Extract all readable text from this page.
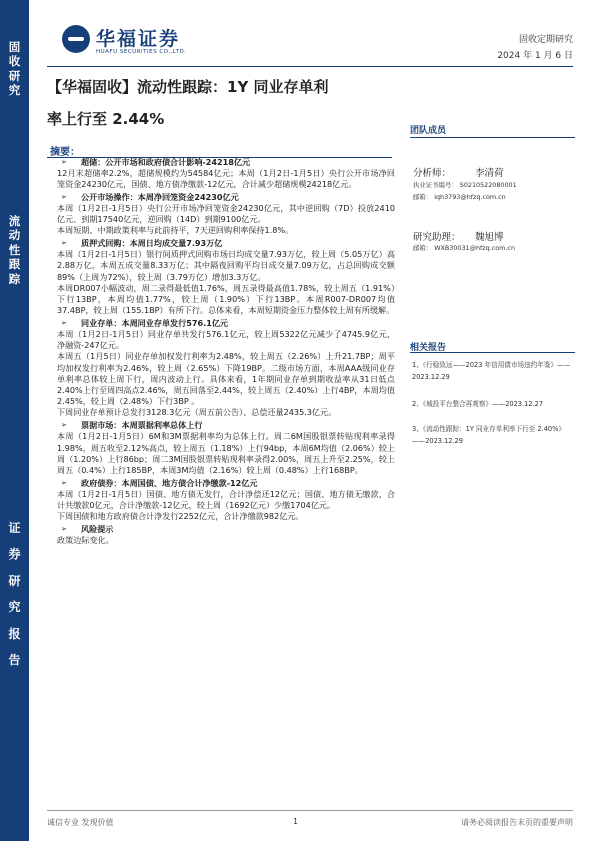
固
收
研
究
流
动
性
跟
踪
证
券
研
究
报
告
华福证券
HUAFU SECURITIES CO.,LTD.
固收定期研究
2024 年 1 月 6 日
【华福固收】流动性跟踪：1Y 同业存单利
率上行至 2.44%
摘要：
➢ 超储：公开市场和政府债合计影响-24218亿元
12月末超储率2.2%，超储规模约为54584亿元；本周（1月2日-1月5日）央行公开市场净回笼资金24230亿元，国债、地方债净缴款-12亿元，合计减少超储规模24218亿元。
➢ 公开市场操作：本周净回笼资金24230亿元
本周（1月2日-1月5日）央行公开市场净回笼资金24230亿元，其中逆回购（7D）投放2410亿元、到期17540亿元，逆回购（14D）到期9100亿元。
本周短期、中期政策利率与此前持平，7天逆回购利率保持1.8%。
➢ 质押式回购：本周日均成交量7.93万亿
本周（1月2日-1月5日）银行间质押式回购市场日均成交量7.93万亿，较上周（5.05万亿）高2.88万亿，本周五成交量8.33万亿；其中隔夜回购平均日成交量7.09万亿，占总回购成交额89%（上周为72%），较上周（3.79万亿）增加3.3万亿。
本周DR007小幅波动，周二录得最低值1.76%，周五录得最高值1.78%，较上周五（1.91%）下行13BP，本周均值1.77%，较上周（1.90%）下行13BP。本周R007-DR007均值37.4BP，较上周（155.1BP）有所下行。总体来看，本周短期资金压力整体较上周有所缓解。
➢ 同业存单：本周同业存单发行576.1亿元
本周（1月2日-1月5日）同业存单共发行576.1亿元，较上周5322亿元减少了4745.9亿元，净融资-247亿元。
本周五（1月5日）同业存单加权发行利率为2.48%，较上周五（2.26%）上升21.7BP；周平均加权发行利率为2.46%，较上周（2.65%）下降19BP。二级市场方面，本周AAA级同业存单利率总体较上周下行，周内波动上行。具体来看，1年期同业存单到期收益率从31日低点2.40%上行至周四高点2.46%，周五回落至2.44%，较上周五（2.40%）上行4BP，本周均值2.45%，较上周（2.48%）下行3BP 。
下周同业存单预计总发行3128.3亿元（周五前公告）、总偿还量2435.3亿元。
➢ 票据市场：本周票据利率总体上行
本周（1月2日-1月5日）6M和3M票据利率均为总体上行。周二6M国股银票转贴现利率录得1.98%，周五收至2.12%高点，较上周五（1.18%）上行94bp，本周6M均值（2.06%）较上周（1.20%）上行86bp；周二3M国股银票转贴现利率录得2.00%，周五上升至2.25%，较上周五（0.4%）上行185BP，本周3M均值（2.16%）较上周（0.48%）上行168BP。
➢ 政府债券：本周国债、地方债合计净缴款-12亿元
本周（1月2日-1月5日）国债、地方债无发行，合计净偿还12亿元；国债、地方债无缴款，合计共缴款0亿元，合计净缴款-12亿元，较上周（1692亿元）少缴1704亿元。
下周国债和地方政府债合计净发行2252亿元，合计净缴款982亿元。
➢ 风险提示
政策边际变化。
团队成员
分析师：	李清荷
执业证书编号： S0210522080001
邮箱： lqh3793@hfzq.com.cn
研究助理： 魏旭博
邮箱： WXB30031@hfzq.com.cn
相关报告
1、《行稳致远——2023 年信用债市场违约年鉴》——2023.12.29
2、《城投平台整合再观察》——2023.12.27
3、《流动性跟踪：1Y 同业存单利率下行至 2.40%》——2023.12.29
诚信专业 发现价值	1	请务必阅读报告末页的重要声明
